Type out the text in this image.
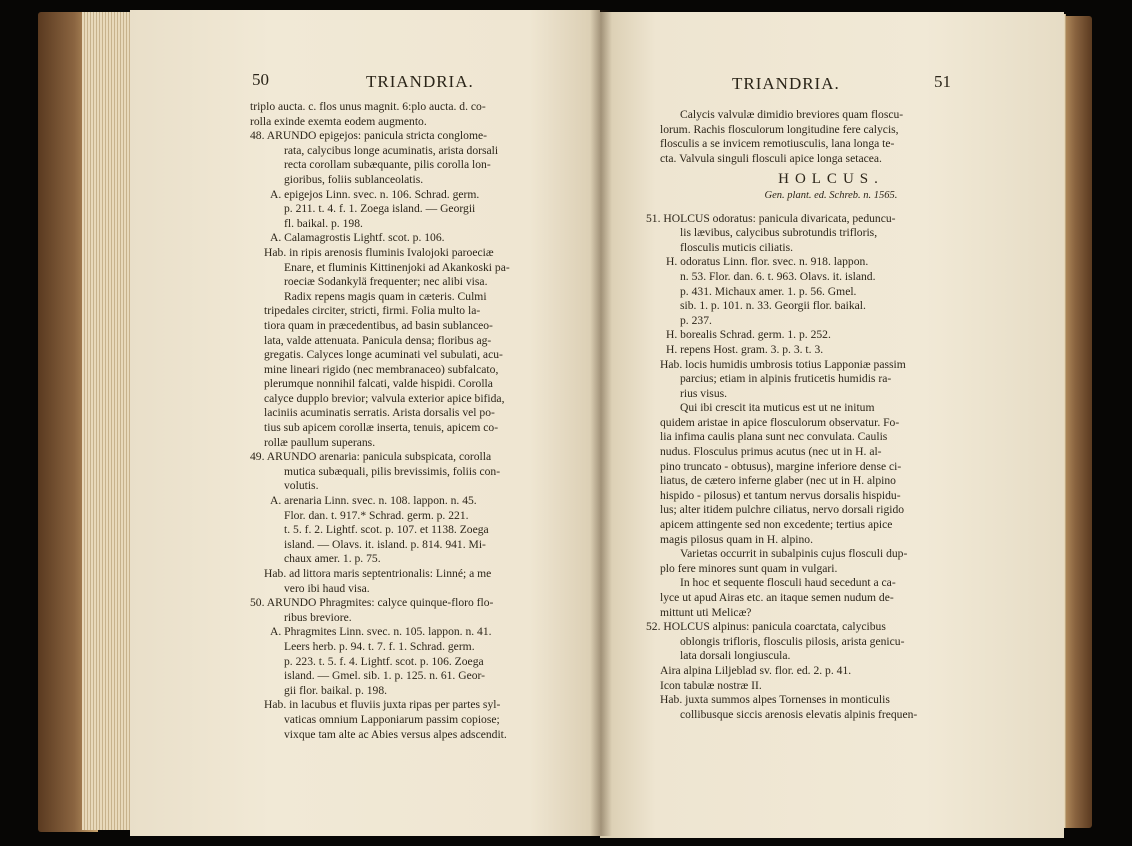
50	TRIANDRIA.

triplo aucta. c. flos unus magnit. 6:plo aucta. d. co-

rolla exinde exemta eodem augmento.

48. ARUNDO epigejos: panicula stricta conglome-

rata, calycibus longe acuminatis, arista dorsali

recta corollam subæquante, pilis corolla lon-

gioribus, foliis sublanceolatis.

A. epigejos Linn. svec. n. 106. Schrad. germ.

p. 211. t. 4. f. 1. Zoega island. — Georgii

fl. baikal. p. 198.

A. Calamagrostis Lightf. scot. p. 106.

Hab. in ripis arenosis fluminis Ivalojoki paroeciæ

Enare, et fluminis Kittinenjoki ad Akankoski pa-

roeciæ Sodankylä frequenter; nec alibi visa.

Radix repens magis quam in cæteris. Culmi

tripedales circiter, stricti, firmi. Folia multo la-

tiora quam in præcedentibus, ad basin sublanceo-

lata, valde attenuata. Panicula densa; floribus ag-

gregatis. Calyces longe acuminati vel subulati, acu-

mine lineari rigido (nec membranaceo) subfalcato,

plerumque nonnihil falcati, valde hispidi. Corolla

calyce dupplo brevior; valvula exterior apice bifida,

laciniis acuminatis serratis. Arista dorsalis vel po-

tius sub apicem corollæ inserta, tenuis, apicem co-

rollæ paullum superans.

49. ARUNDO arenaria: panicula subspicata, corolla

mutica subæquali, pilis brevissimis, foliis con-

volutis.

A. arenaria Linn. svec. n. 108. lappon. n. 45.

Flor. dan. t. 917.* Schrad. germ. p. 221.

t. 5. f. 2. Lightf. scot. p. 107. et 1138. Zoega

island. — Olavs. it. island. p. 814. 941. Mi-

chaux amer. 1. p. 75.

Hab. ad littora maris septentrionalis: Linné; a me

vero ibi haud visa.

50. ARUNDO Phragmites: calyce quinque-floro flo-

ribus breviore.

A. Phragmites Linn. svec. n. 105. lappon. n. 41.

Leers herb. p. 94. t. 7. f. 1. Schrad. germ.

p. 223. t. 5. f. 4. Lightf. scot. p. 106. Zoega

island. — Gmel. sib. 1. p. 125. n. 61. Geor-

gii flor. baikal. p. 198.

Hab. in lacubus et fluviis juxta ripas per partes syl-

vaticas omnium Lapponiarum passim copiose;

vixque tam alte ac Abies versus alpes adscendit.

TRIANDRIA.	51

Calycis valvulæ dimidio breviores quam floscu-

lorum. Rachis flosculorum longitudine fere calycis,

flosculis a se invicem remotiusculis, lana longa te-

cta. Valvula singuli flosculi apice longa setacea.

HOLCUS.
Gen. plant. ed. Schreb. n. 1565.

51. HOLCUS odoratus: panicula divaricata, peduncu-

lis lævibus, calycibus subrotundis trifloris,

flosculis muticis ciliatis.

H. odoratus Linn. flor. svec. n. 918. lappon.

n. 53. Flor. dan. 6. t. 963. Olavs. it. island.

p. 431. Michaux amer. 1. p. 56. Gmel.

sib. 1. p. 101. n. 33. Georgii flor. baikal.

p. 237.

H. borealis Schrad. germ. 1. p. 252.

H. repens Host. gram. 3. p. 3. t. 3.

Hab. locis humidis umbrosis totius Lapponiæ passim

parcius; etiam in alpinis fruticetis humidis ra-

rius visus.

Qui ibi crescit ita muticus est ut ne initum

quidem aristae in apice flosculorum observatur. Fo-

lia infima caulis plana sunt nec convulata. Caulis

nudus. Flosculus primus acutus (nec ut in H. al-

pino truncato - obtusus), margine inferiore dense ci-

liatus, de cætero inferne glaber (nec ut in H. alpino

hispido - pilosus) et tantum nervus dorsalis hispidu-

lus; alter itidem pulchre ciliatus, nervo dorsali rigido

apicem attingente sed non excedente; tertius apice

magis pilosus quam in H. alpino.

Varietas occurrit in subalpinis cujus flosculi dup-

plo fere minores sunt quam in vulgari.

In hoc et sequente flosculi haud secedunt a ca-

lyce ut apud Airas etc. an itaque semen nudum de-

mittunt uti Melicæ?

52. HOLCUS alpinus: panicula coarctata, calycibus

oblongis trifloris, flosculis pilosis, arista genicu-

lata dorsali longiuscula.

Aira alpina Liljeblad sv. flor. ed. 2. p. 41.

Icon tabulæ nostræ II.

Hab. juxta summos alpes Tornenses in monticulis

collibusque siccis arenosis elevatis alpinis frequen-
